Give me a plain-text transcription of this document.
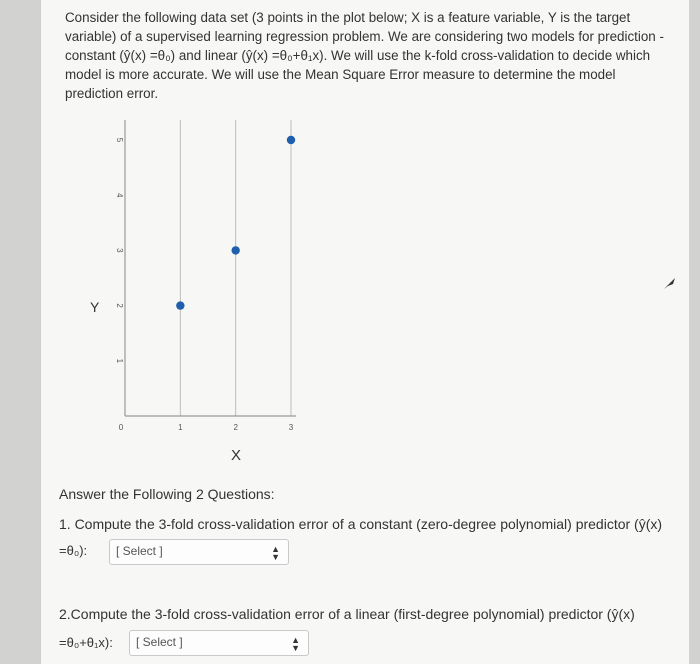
Consider the following data set (3 points in the plot below; X is a feature variable, Y is the target variable) of a supervised learning regression problem. We are considering two models for prediction - constant (ŷ(x) =θ₀) and linear (ŷ(x) =θ₀+θ₁x). We will use the k-fold cross-validation to decide which model is more accurate. We will use the Mean Square Error measure to determine the model prediction error.
0	1	2	3
1
2
3
4
5
Y
X
Answer the Following 2 Questions:
1. Compute the 3-fold cross-validation error of a constant (zero-degree polynomial) predictor (ŷ(x)
=θ₀):	[ Select ]	▲
▼
2.Compute the 3-fold cross-validation error of a linear (first-degree polynomial) predictor (ŷ(x)
=θ₀+θ₁x):	[ Select ]	▲
▼
